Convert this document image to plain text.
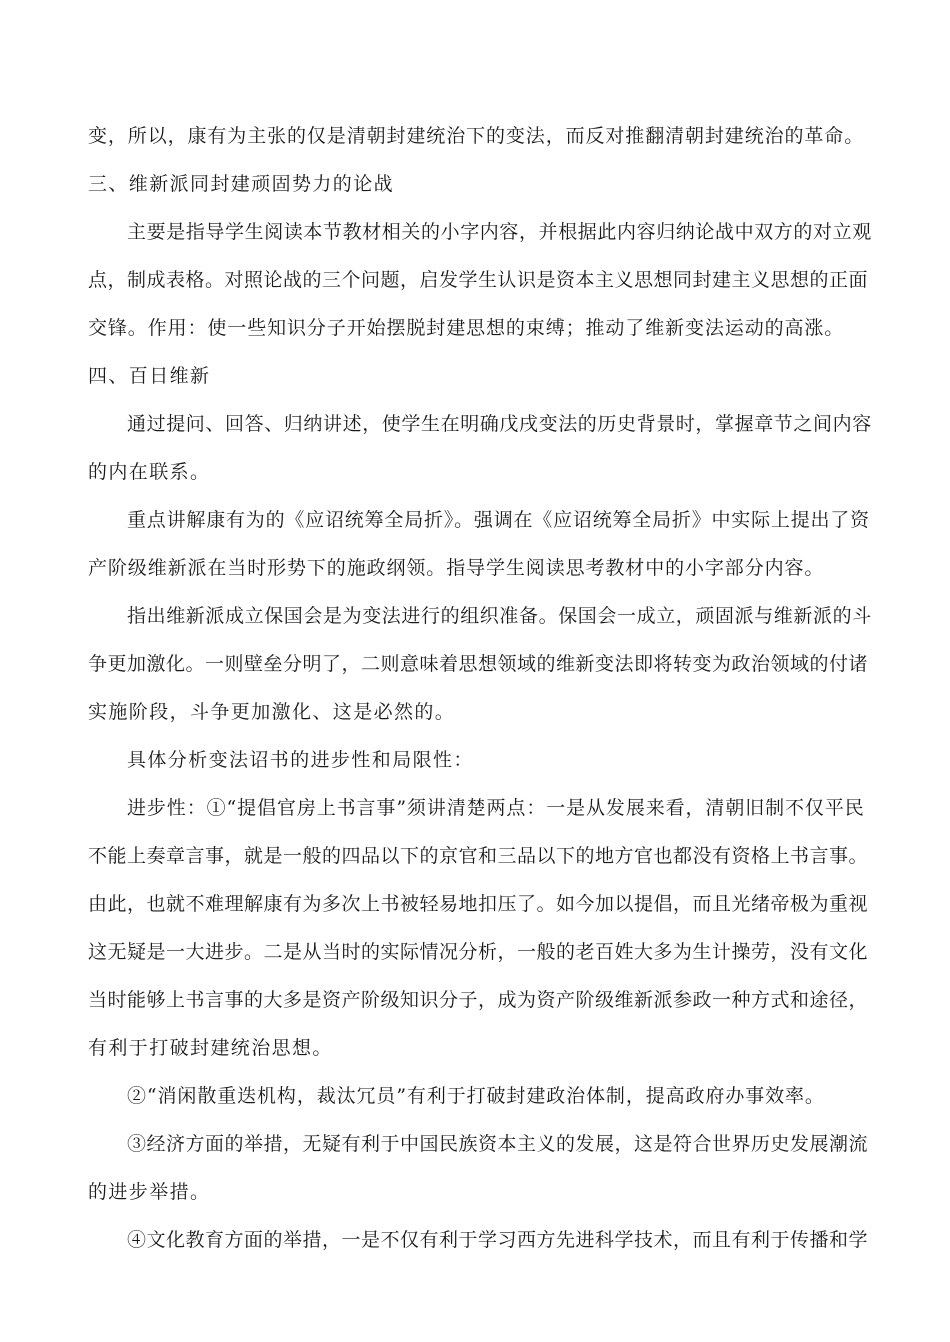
变，所以，康有为主张的仅是清朝封建统治下的变法，而反对推翻清朝封建统治的革命。
三、维新派同封建顽固势力的论战
主要是指导学生阅读本节教材相关的小字内容，并根据此内容归纳论战中双方的对立观
点，制成表格。对照论战的三个问题，启发学生认识是资本主义思想同封建主义思想的正面
交锋。作用：使一些知识分子开始摆脱封建思想的束缚；推动了维新变法运动的高涨。
四、百日维新
通过提问、回答、归纳讲述，使学生在明确戊戌变法的历史背景时，掌握章节之间内容
的内在联系。
重点讲解康有为的《应诏统筹全局折》。强调在《应诏统筹全局折》中实际上提出了资
产阶级维新派在当时形势下的施政纲领。指导学生阅读思考教材中的小字部分内容。
指出维新派成立保国会是为变法进行的组织准备。保国会一成立，顽固派与维新派的斗
争更加激化。一则壁垒分明了，二则意味着思想领域的维新变法即将转变为政治领域的付诸
实施阶段，斗争更加激化、这是必然的。
具体分析变法诏书的进步性和局限性：
进步性：①“提倡官房上书言事”须讲清楚两点：一是从发展来看，清朝旧制不仅平民
不能上奏章言事，就是一般的四品以下的京官和三品以下的地方官也都没有资格上书言事。
由此，也就不难理解康有为多次上书被轻易地扣压了。如今加以提倡，而且光绪帝极为重视
这无疑是一大进步。二是从当时的实际情况分析，一般的老百姓大多为生计操劳，没有文化
当时能够上书言事的大多是资产阶级知识分子，成为资产阶级维新派参政一种方式和途径，
有利于打破封建统治思想。
②“消闲散重迭机构，裁汰冗员”有利于打破封建政治体制，提高政府办事效率。
③经济方面的举措，无疑有利于中国民族资本主义的发展，这是符合世界历史发展潮流
的进步举措。
④文化教育方面的举措，一是不仅有利于学习西方先进科学技术，而且有利于传播和学
